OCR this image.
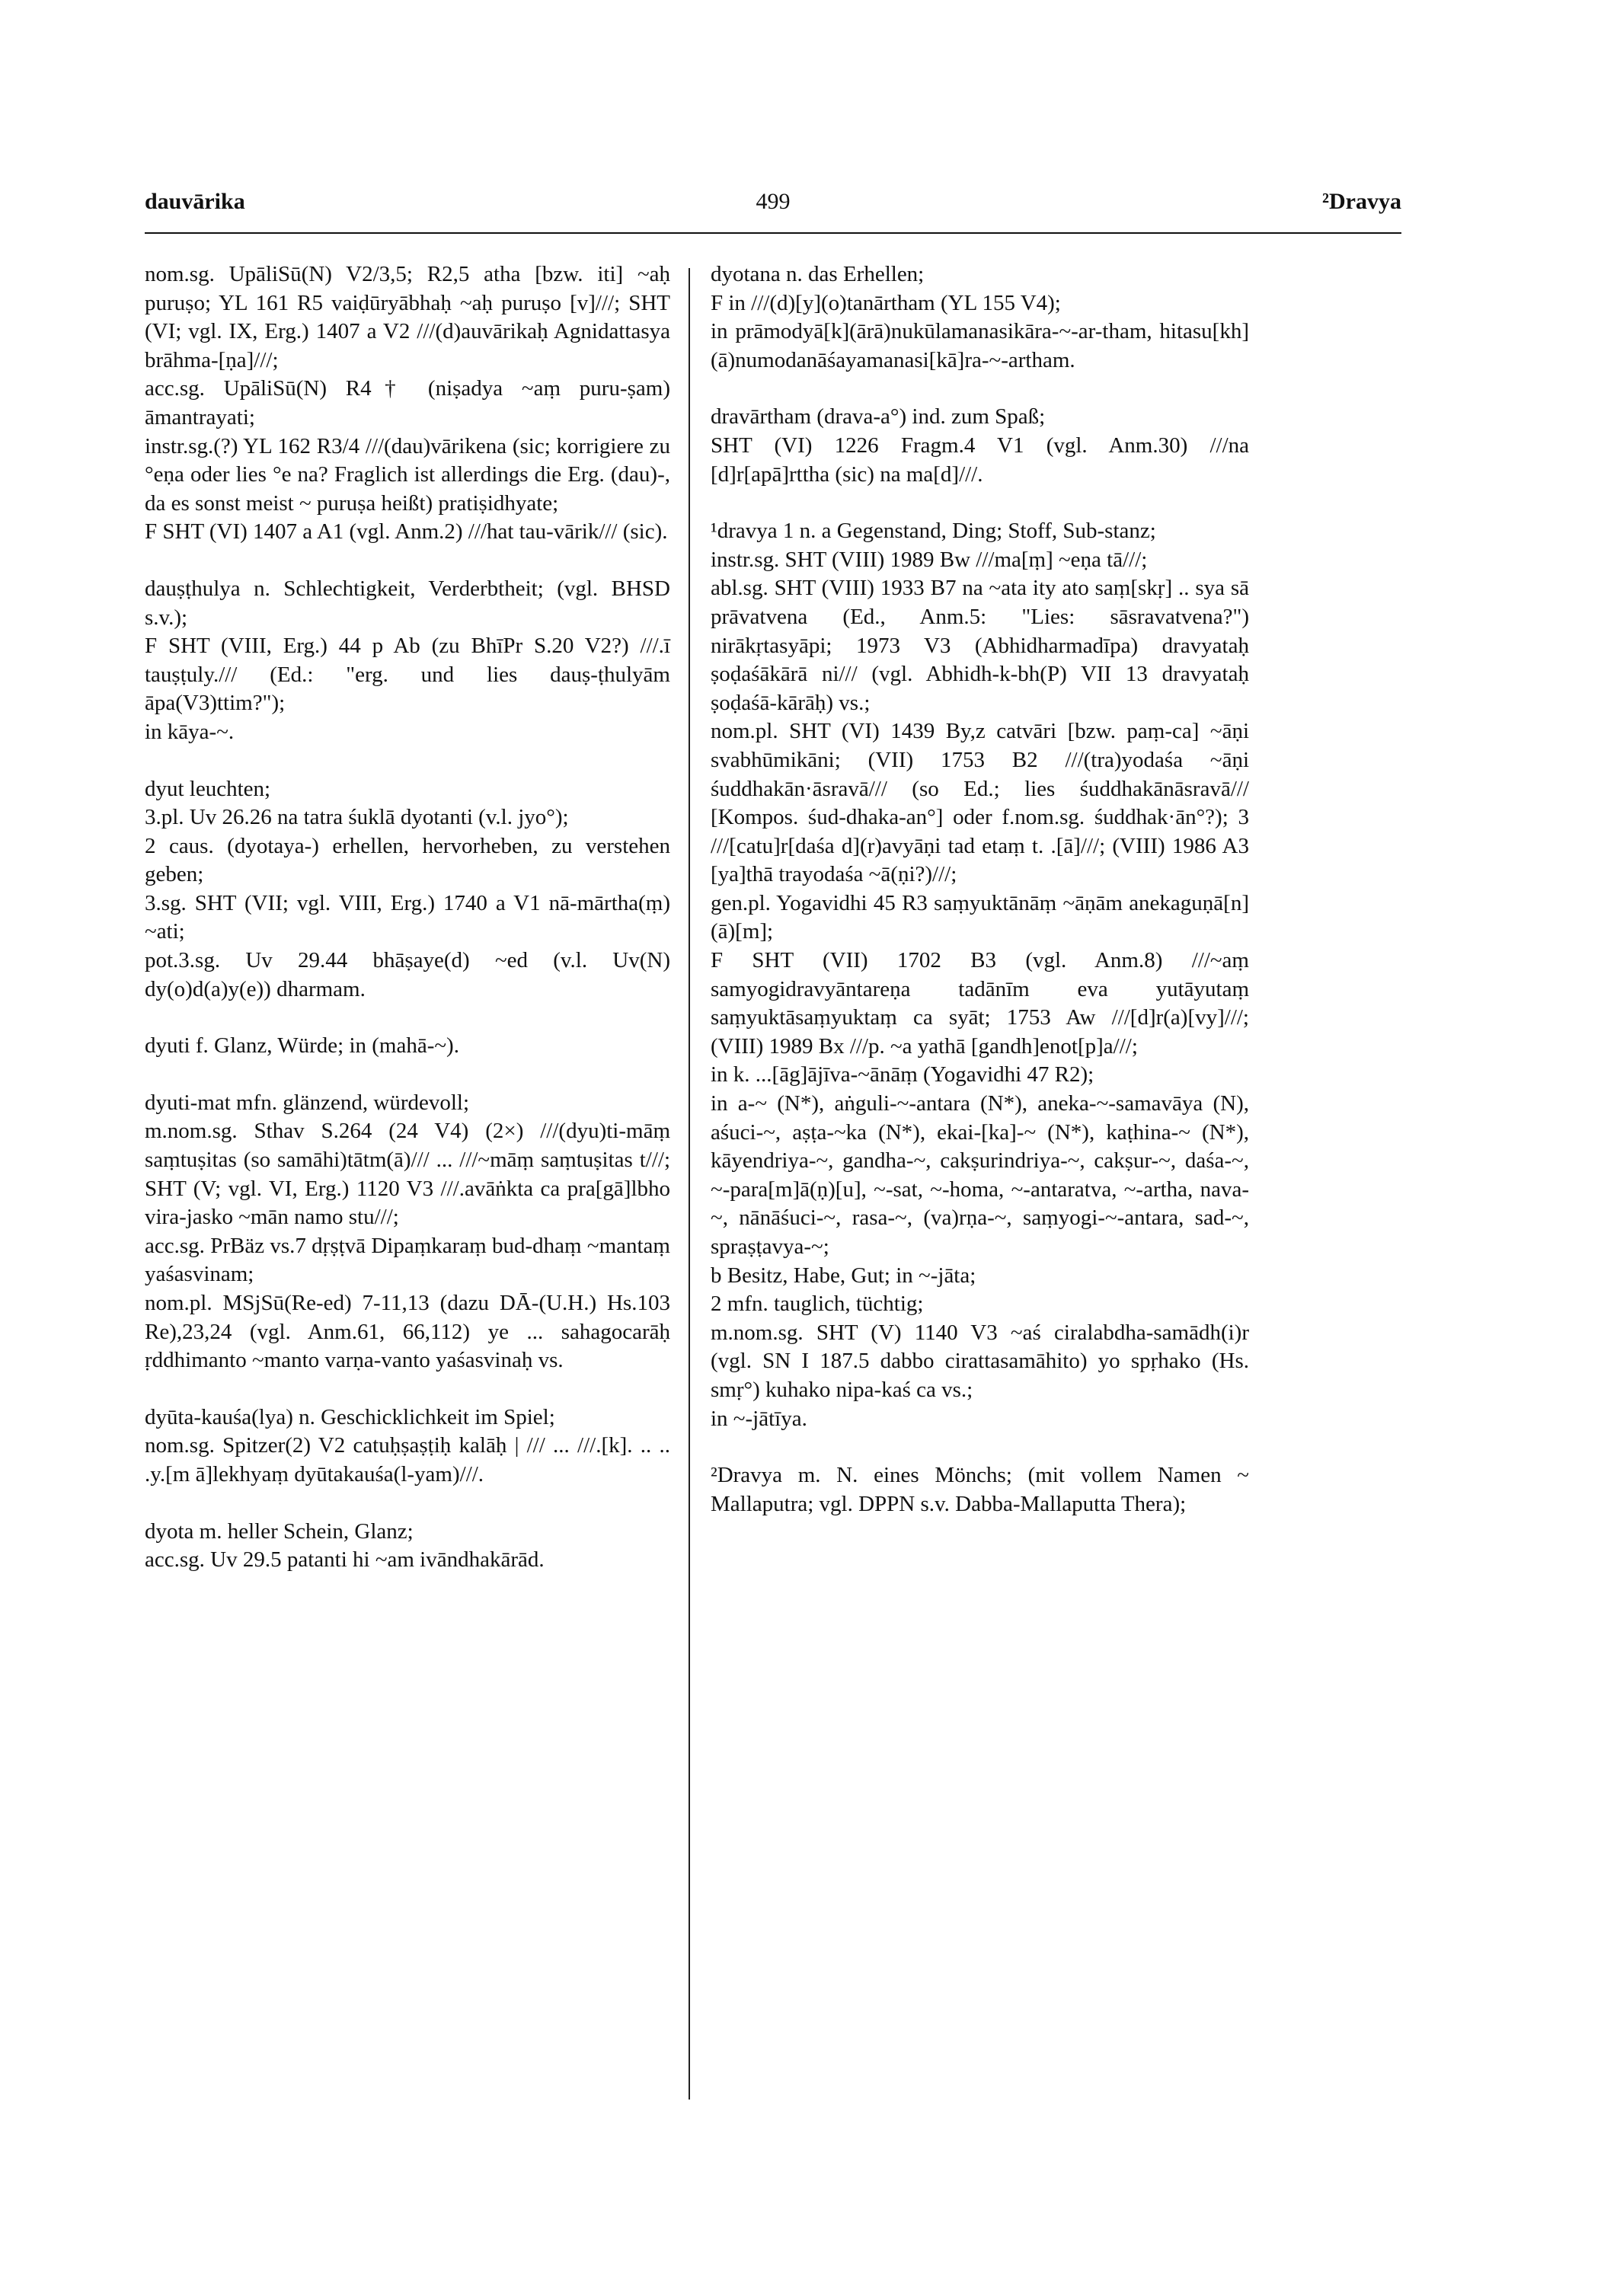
dauvārika	499	²Dravya
nom.sg. UpāliSū(N) V2/3,5; R2,5 atha [bzw. iti] ~aḥ puruṣo; YL 161 R5 vaiḍūryābhaḥ ~aḥ puruṣo [v]///; SHT (VI; vgl. IX, Erg.) 1407 a V2 ///(d)auvārikaḥ Agnidattasya brāhma-[ṇa]///;
acc.sg. UpāliSū(N) R4† (niṣadya ~aṃ puru-ṣam) āmantrayati;
instr.sg.(?) YL 162 R3/4 ///(dau)vārikena (sic; korrigiere zu °eṇa oder lies °e na? Fraglich ist allerdings die Erg. (dau)-, da es sonst meist ~ puruṣa heißt) pratiṣidhyate;
F SHT (VI) 1407 a A1 (vgl. Anm.2) ///hat tau-vārik/// (sic).
dauṣṭhulya n. Schlechtigkeit, Verderbtheit; (vgl. BHSD s.v.);
F SHT (VIII, Erg.) 44 p Ab (zu BhīPr S.20 V2?) ///.ī tauṣṭuly./// (Ed.: "erg. und lies dauṣ-ṭhulyām āpa(V3)ttim?");
in kāya-~.
dyut leuchten;
3.pl. Uv 26.26 na tatra śuklā dyotanti (v.l. jyo°);
2 caus. (dyotaya-) erhellen, hervorheben, zu verstehen geben;
3.sg. SHT (VII; vgl. VIII, Erg.) 1740 a V1 nā-mārtha(ṃ) ~ati;
pot.3.sg. Uv 29.44 bhāṣaye(d) ~ed (v.l. Uv(N) dy(o)d(a)y(e)) dharmam.
dyuti f. Glanz, Würde; in (mahā-~).
dyuti-mat mfn. glänzend, würdevoll;
m.nom.sg. Sthav S.264 (24 V4) (2×) ///(dyu)ti-māṃ saṃtuṣitas (so samāhi)tātm(ā)/// ... ///~māṃ saṃtuṣitas t///; SHT (V; vgl. VI, Erg.) 1120 V3 ///.avāṅkta ca pra[gā]lbho vira-jasko ~mān namo stu///;
acc.sg. PrBäz vs.7 dṛṣṭvā Dipaṃkaraṃ bud-dhaṃ ~mantaṃ yaśasvinam;
nom.pl. MSjSū(Re-ed) 7-11,13 (dazu DĀ-(U.H.) Hs.103 Re),23,24 (vgl. Anm.61, 66,112) ye ... sahagocarāḥ ṛddhimanto ~manto varṇa-vanto yaśasvinaḥ vs.
dyūta-kauśa(lya) n. Geschicklichkeit im Spiel;
nom.sg. Spitzer(2) V2 catuḥṣaṣṭiḥ kalāḥ | /// ... ///.[k]. .. .. .y.[m ā]lekhyaṃ dyūtakauśa(l-yam)///.
dyota m. heller Schein, Glanz;
acc.sg. Uv 29.5 patanti hi ~am ivāndhakārād.
dyotana n. das Erhellen;
F in ///(d)[y](o)tanārtham (YL 155 V4);
in prāmodyā[k](ārā)nukūlamanasikāra-~-ar-tham, hitasu[kh](ā)numodanāśayamanasi[kā]ra-~-artham.
dravārtham (drava-a°) ind. zum Spaß;
SHT (VI) 1226 Fragm.4 V1 (vgl. Anm.30) ///na [d]r[apā]rttha (sic) na ma[d]///.
¹dravya 1 n. a Gegenstand, Ding; Stoff, Sub-stanz;
instr.sg. SHT (VIII) 1989 Bw ///ma[ṃ] ~eṇa tā///;
abl.sg. SHT (VIII) 1933 B7 na ~ata ity ato saṃ[skṛ] .. sya sā prāvatvena (Ed., Anm.5: "Lies: sāsravatvena?") nirākṛtasyāpi; 1973 V3 (Abhidharmadīpa) dravyataḥ ṣoḍaśākārā ni/// (vgl. Abhidh-k-bh(P) VII 13 dravyataḥ ṣoḍaśā-kārāḥ) vs.;
nom.pl. SHT (VI) 1439 By,z catvāri [bzw. paṃ-ca] ~āṇi svabhūmikāni; (VII) 1753 B2 ///(tra)yodaśa ~āṇi śuddhakān·āsravā/// (so Ed.; lies śuddhakānāsravā/// [Kompos. śud-dhaka-an°] oder f.nom.sg. śuddhak·ān°?); 3 ///[catu]r[daśa d](r)avyāṇi tad etaṃ t. .[ā]///; (VIII) 1986 A3 [ya]thā trayodaśa ~ā(ṇi?)///;
gen.pl. Yogavidhi 45 R3 saṃyuktānāṃ ~āṇām anekaguṇā[n](ā)[m];
F SHT (VII) 1702 B3 (vgl. Anm.8) ///~aṃ samyogidravyāntareṇa tadānīm eva yutāyutaṃ saṃyuktāsaṃyuktaṃ ca syāt; 1753 Aw ///[d]r(a)[vy]///; (VIII) 1989 Bx ///p. ~a yathā [gandh]enot[p]a///;
in k. ...[āg]ājīva-~ānāṃ (Yogavidhi 47 R2);
in a-~ (N*), aṅguli-~-antara (N*), aneka-~-samavāya (N), aśuci-~, aṣṭa-~ka (N*), ekai-[ka]-~ (N*), kaṭhina-~ (N*), kāyendriya-~, gandha-~, cakṣurindriya-~, cakṣur-~, daśa-~, ~-para[m]ā(ṇ)[u], ~-sat, ~-homa, ~-antaratva, ~-artha, nava-~, nānāśuci-~, rasa-~, (va)rṇa-~, saṃyogi-~-antara, sad-~, spraṣṭavya-~;
b Besitz, Habe, Gut; in ~-jāta;
2 mfn. tauglich, tüchtig;
m.nom.sg. SHT (V) 1140 V3 ~aś ciralabdha-samādh(i)r (vgl. SN I 187.5 dabbo cirattasamāhito) yo spṛhako (Hs. smṛ°) kuhako nipa-kaś ca vs.;
in ~-jātīya.
²Dravya m. N. eines Mönchs; (mit vollem Namen ~ Mallaputra; vgl. DPPN s.v. Dabba-Mallaputta Thera);
